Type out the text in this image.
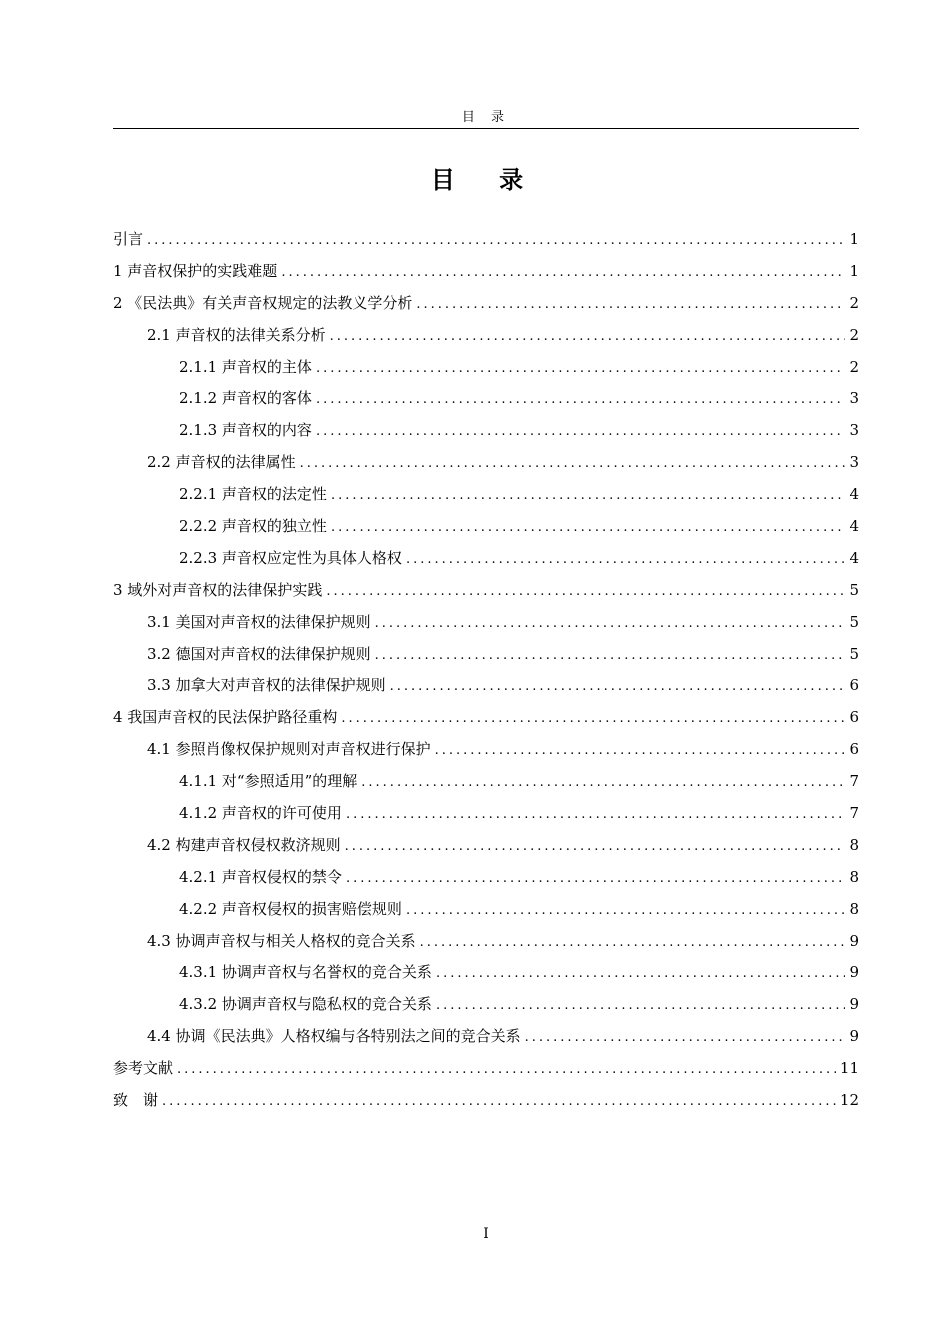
目 录
目 录
引言 .....	1
1 声音权保护的实践难题 .....	1
2 《民法典》有关声音权规定的法教义学分析 .....	2
2.1 声音权的法律关系分析 .....	2
2.1.1 声音权的主体 .....	2
2.1.2 声音权的客体 .....	3
2.1.3 声音权的内容 .....	3
2.2 声音权的法律属性 .....	3
2.2.1 声音权的法定性 .....	4
2.2.2 声音权的独立性 .....	4
2.2.3 声音权应定性为具体人格权 .....	4
3 域外对声音权的法律保护实践 .....	5
3.1 美国对声音权的法律保护规则 .....	5
3.2 德国对声音权的法律保护规则 .....	5
3.3 加拿大对声音权的法律保护规则 .....	6
4 我国声音权的民法保护路径重构 .....	6
4.1 参照肖像权保护规则对声音权进行保护 .....	6
4.1.1 对“参照适用”的理解 .....	7
4.1.2 声音权的许可使用 .....	7
4.2 构建声音权侵权救济规则 .....	8
4.2.1 声音权侵权的禁令 .....	8
4.2.2 声音权侵权的损害赔偿规则 .....	8
4.3 协调声音权与相关人格权的竞合关系 .....	9
4.3.1 协调声音权与名誉权的竞合关系 .....	9
4.3.2 协调声音权与隐私权的竞合关系 .....	9
4.4 协调《民法典》人格权编与各特别法之间的竞合关系 .....	9
参考文献 .....	11
致　谢 .....	12
I
